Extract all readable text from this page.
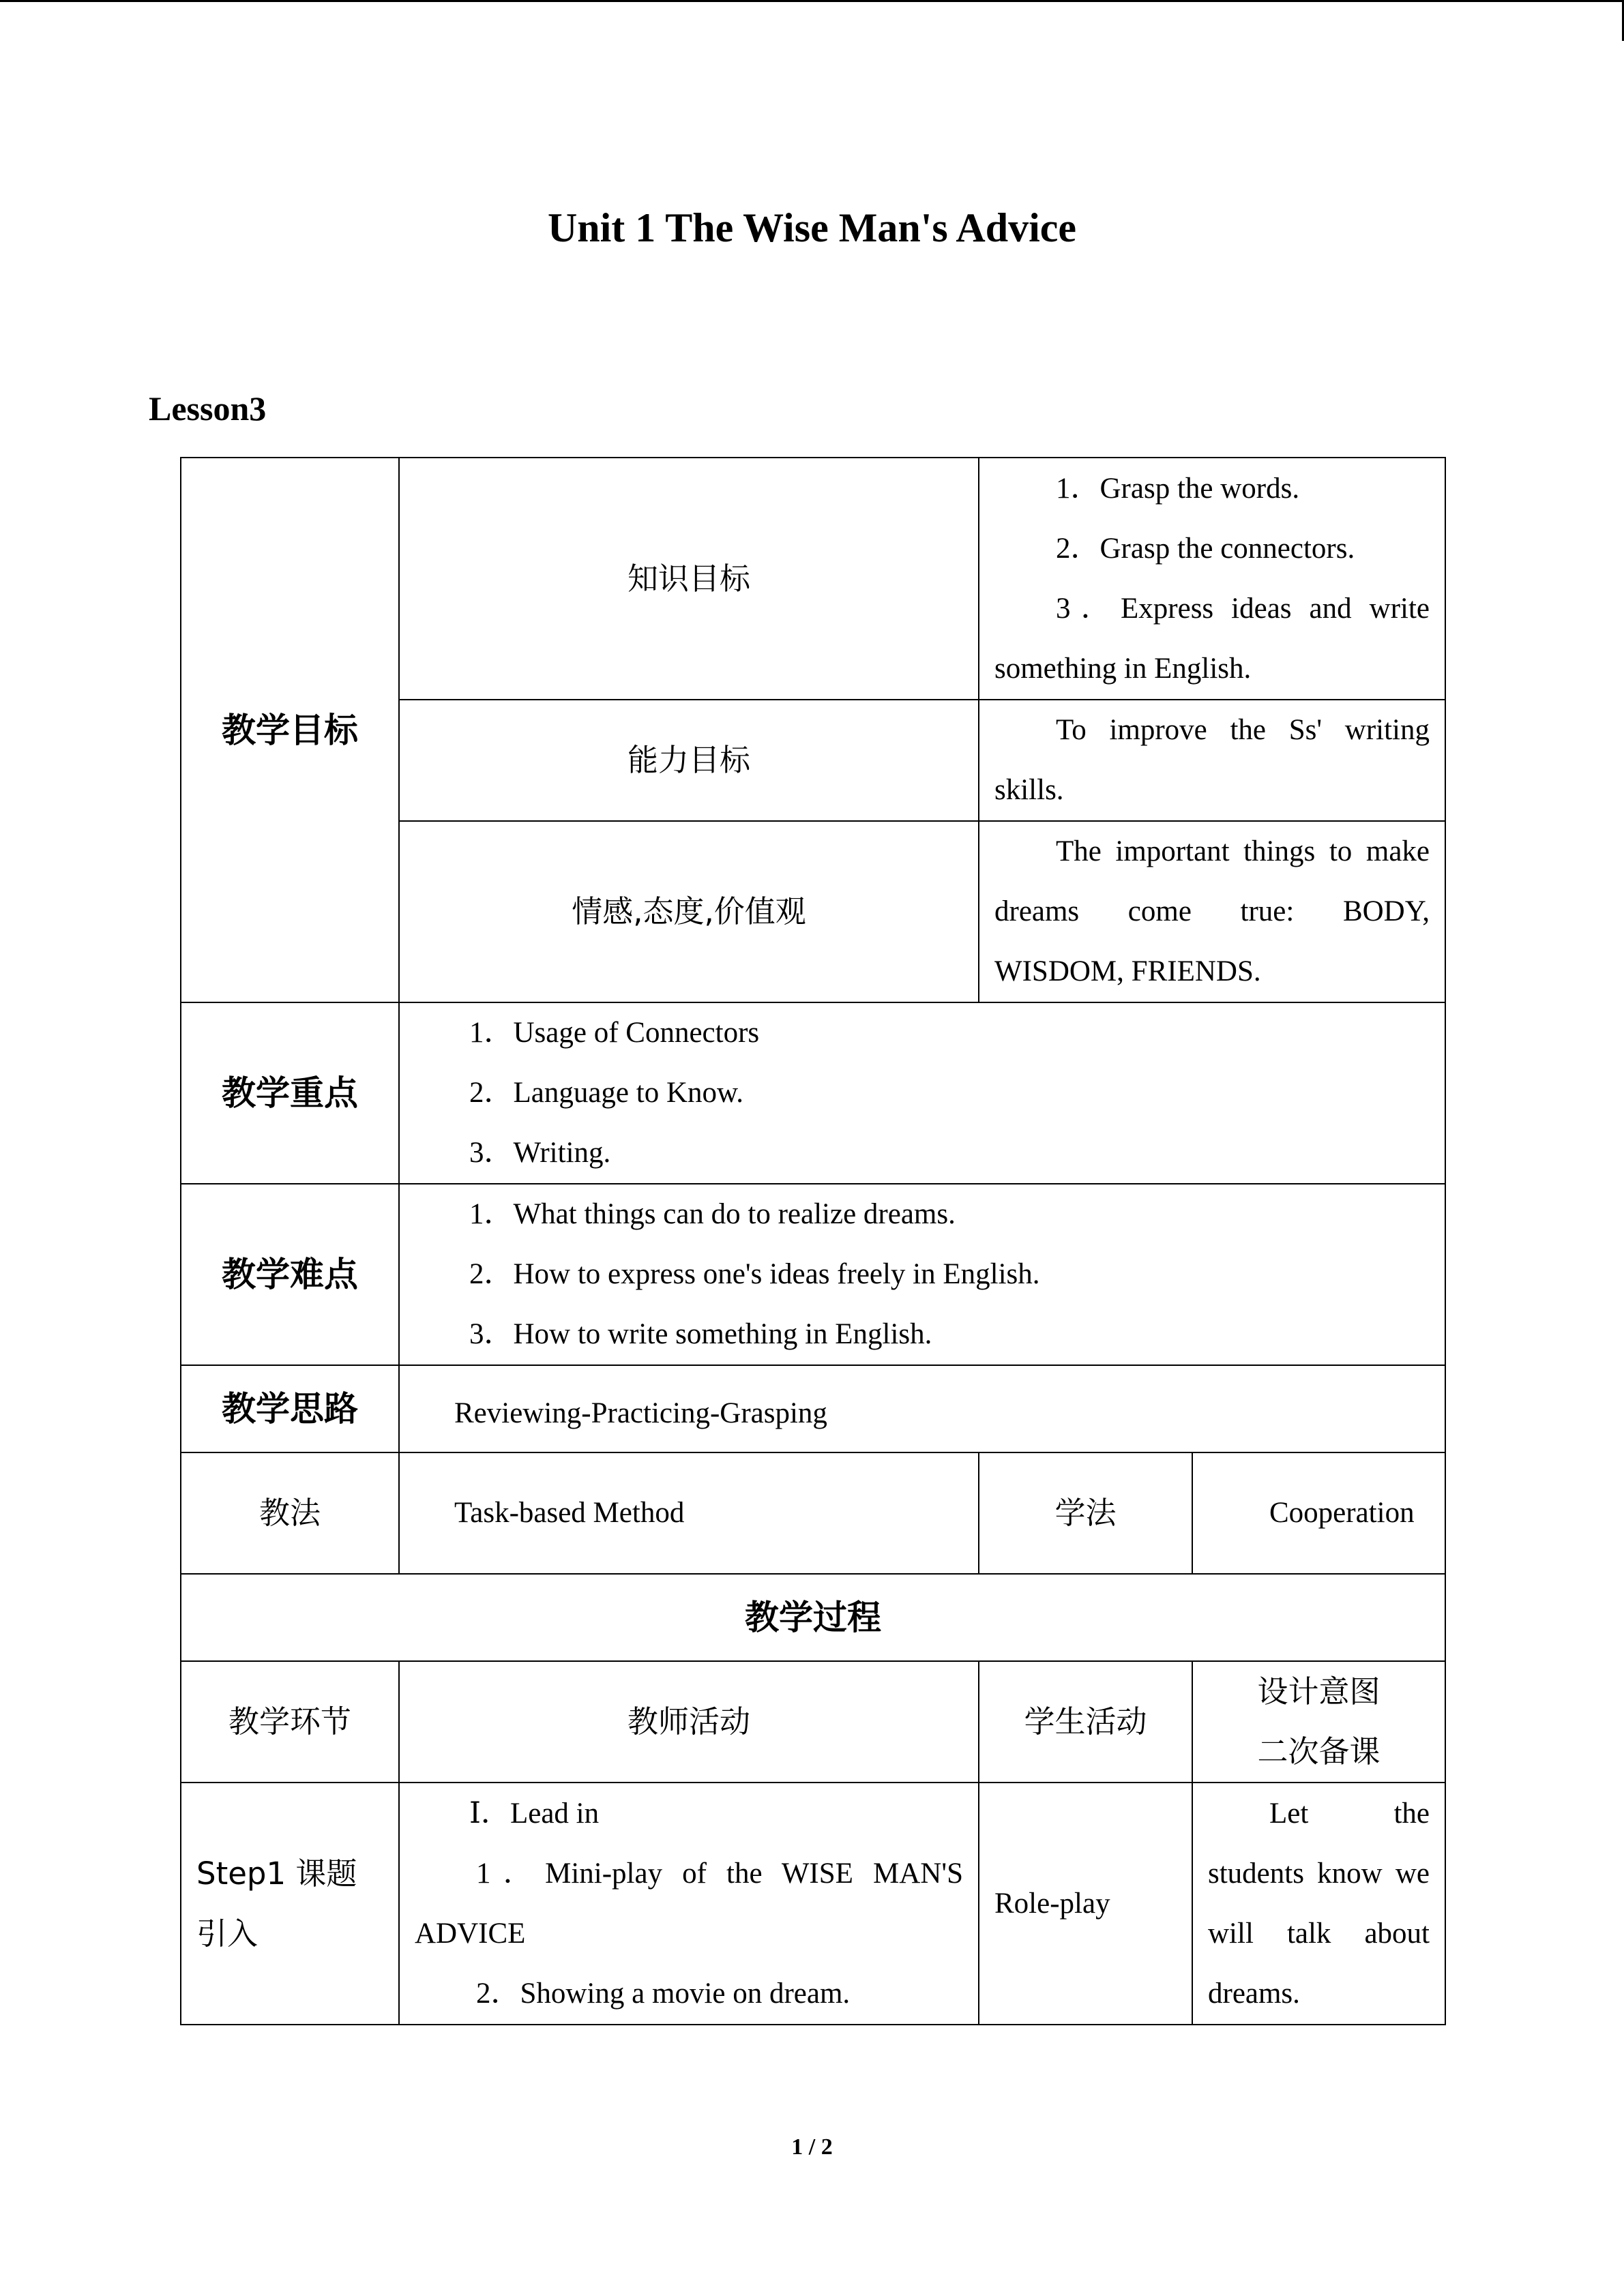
Unit 1 The Wise Man's Advice
Lesson3
教学目标	知识目标	1．Grasp the words.
2．Grasp the connectors.
3．Express ideas and write something in English.	

	能力目标	To improve the Ss' writing skills.	
	情感,态度,价值观	The important things to make dreams come true: BODY, WISDOM, FRIENDS.	
教学重点	1．Usage of Connectors
2．Language to Know.
3．Writing.		

教学难点	1．What things can do to realize dreams.
2．How to express one's ideas freely in English.
3．How to write something in English.		

教学思路	Reviewing-Practicing-Grasping		
教法	Task-based Method	学法	Cooperation
教学过程			
教学环节	教师活动	学生活动	设计意图
二次备课

Step1 课题引入	Ⅰ．Lead in
1．Mini-play of the WISE MAN'S ADVICE
2．Showing a movie on dream.	Role-play	Let the students know we will talk about dreams.
1 / 2
